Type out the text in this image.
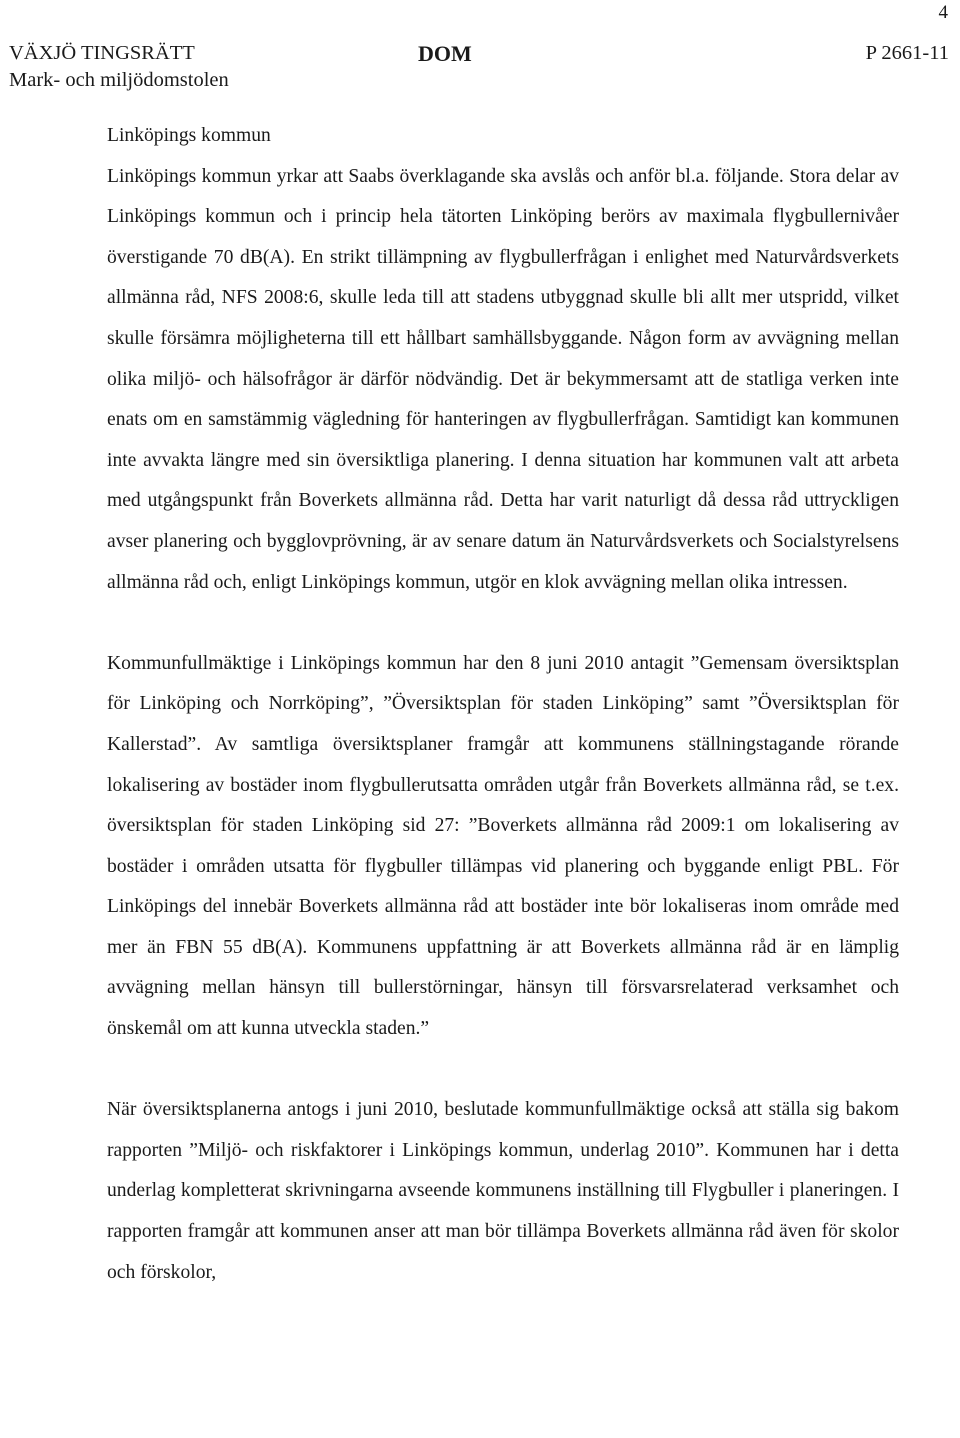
4
VÄXJÖ TINGSRÄTT
Mark- och miljödomstolen
DOM	P 2661-11

Linköpings kommun

Linköpings kommun yrkar att Saabs överklagande ska avslås och anför bl.a. följande. Stora delar av Linköpings kommun och i princip hela tätorten Linköping berörs av maximala flygbullernivåer överstigande 70 dB(A). En strikt tillämpning av flygbullerfrågan i enlighet med Naturvårdsverkets allmänna råd, NFS 2008:6, skulle leda till att stadens utbyggnad skulle bli allt mer utspridd, vilket skulle försämra möjligheterna till ett hållbart samhällsbyggande. Någon form av avvägning mellan olika miljö- och hälsofrågor är därför nödvändig. Det är bekymmersamt att de statliga verken inte enats om en samstämmig vägledning för hanteringen av flygbullerfrågan. Samtidigt kan kommunen inte avvakta längre med sin översiktliga planering. I denna situation har kommunen valt att arbeta med utgångspunkt från Boverkets allmänna råd. Detta har varit naturligt då dessa råd uttryckligen avser planering och bygglovprövning, är av senare datum än Naturvårdsverkets och Socialstyrelsens allmänna råd och, enligt Linköpings kommun, utgör en klok avvägning mellan olika intressen.

Kommunfullmäktige i Linköpings kommun har den 8 juni 2010 antagit ”Gemensam översiktsplan för Linköping och Norrköping”, ”Översiktsplan för staden Linköping” samt ”Översiktsplan för Kallerstad”. Av samtliga översiktsplaner framgår att kommunens ställningstagande rörande lokalisering av bostäder inom flygbullerutsatta områden utgår från Boverkets allmänna råd, se t.ex. översiktsplan för staden Linköping sid 27: ”Boverkets allmänna råd 2009:1 om lokalisering av bostäder i områden utsatta för flygbuller tillämpas vid planering och byggande enligt PBL. För Linköpings del innebär Boverkets allmänna råd att bostäder inte bör lokaliseras inom område med mer än FBN 55 dB(A). Kommunens uppfattning är att Boverkets allmänna råd är en lämplig avvägning mellan hänsyn till bullerstörningar, hänsyn till försvarsrelaterad verksamhet och önskemål om att kunna utveckla staden.”

När översiktsplanerna antogs i juni 2010, beslutade kommunfullmäktige också att ställa sig bakom rapporten ”Miljö- och riskfaktorer i Linköpings kommun, underlag 2010”. Kommunen har i detta underlag kompletterat skrivningarna avseende kommunens inställning till Flygbuller i planeringen. I rapporten framgår att kommunen anser att man bör tillämpa Boverkets allmänna råd även för skolor och förskolor,
